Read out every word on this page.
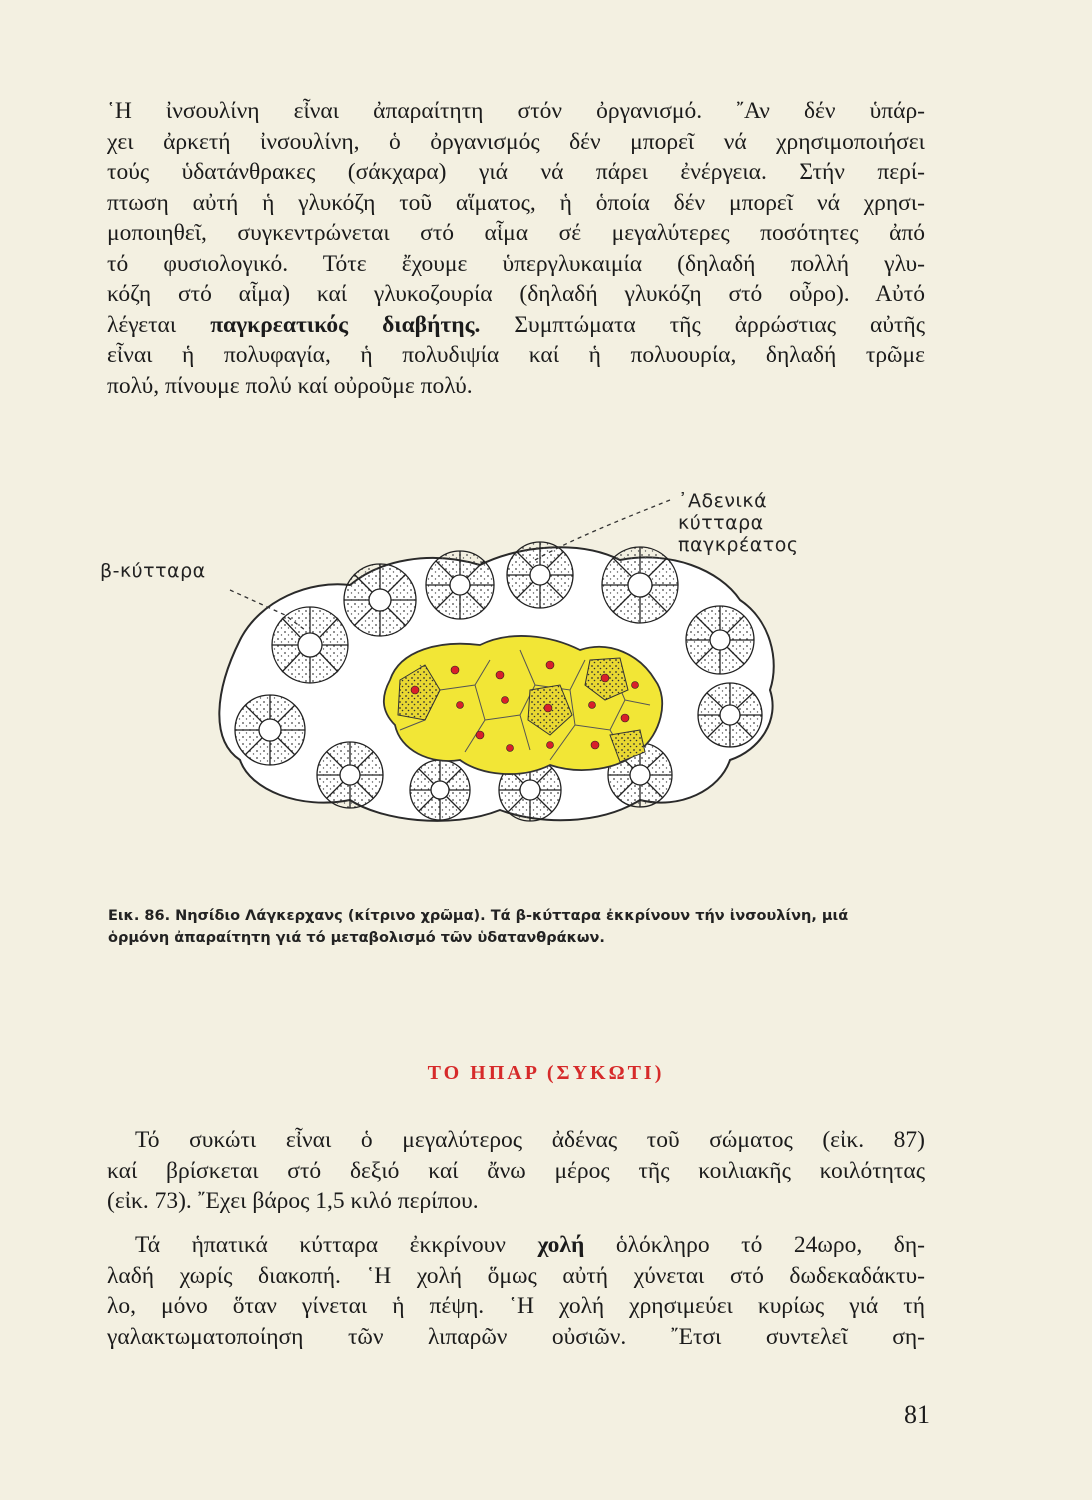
῾Η ἰνσουλίνη εἶναι ἀπαραίτητη στόν ὀργανισμό. ῎Αν δέν ὑπάρ-
χει ἀρκετή ἰνσουλίνη, ὁ ὀργανισμός δέν μπορεῖ νά χρησιμοποιήσει
τούς ὑδατάνθρακες (σάκχαρα) γιά νά πάρει ἐνέργεια. Στήν περί-
πτωση αὐτή ἡ γλυκόζη τοῦ αἵματος, ἡ ὁποία δέν μπορεῖ νά χρησι-
μοποιηθεῖ, συγκεντρώνεται στό αἷμα σέ μεγαλύτερες ποσότητες ἀπό
τό φυσιολογικό. Τότε ἔχουμε ὑπεργλυκαιμία (δηλαδή πολλή γλυ-
κόζη στό αἷμα) καί γλυκοζουρία (δηλαδή γλυκόζη στό οὖρο). Αὐτό
λέγεται παγκρεατικός διαβήτης. Συμπτώματα τῆς ἀρρώστιας αὐτῆς
εἶναι ἡ πολυφαγία, ἡ πολυδιψία καί ἡ πολυουρία, δηλαδή τρῶμε
πολύ, πίνουμε πολύ καί οὐροῦμε πολύ.
β-κύτταρα
᾿Αδενικά
κύτταρα
παγκρέατος
Εικ. 86. Νησίδιο Λάγκερχανς (κίτρινο χρῶμα). Τά β-κύτταρα ἐκκρίνουν τήν ἰνσουλίνη, μιά
ὁρμόνη ἀπαραίτητη γιά τό μεταβολισμό τῶν ὑδατανθράκων.
ΤΟ ΗΠΑΡ (ΣΥΚΩΤΙ)
Τό συκώτι εἶναι ὁ μεγαλύτερος ἀδένας τοῦ σώματος (εἰκ. 87)
καί βρίσκεται στό δεξιό καί ἄνω μέρος τῆς κοιλιακῆς κοιλότητας
(εἰκ. 73). ῎Εχει βάρος 1,5 κιλό περίπου.
Τά ἡπατικά κύτταρα ἐκκρίνουν χολή ὁλόκληρο τό 24ωρο, δη-
λαδή χωρίς διακοπή. ῾Η χολή ὅμως αὐτή χύνεται στό δωδεκαδάκτυ-
λο, μόνο ὅταν γίνεται ἡ πέψη. ῾Η χολή χρησιμεύει κυρίως γιά τή
γαλακτωματοποίηση τῶν λιπαρῶν οὐσιῶν. ῎Ετσι συντελεῖ ση-
81
